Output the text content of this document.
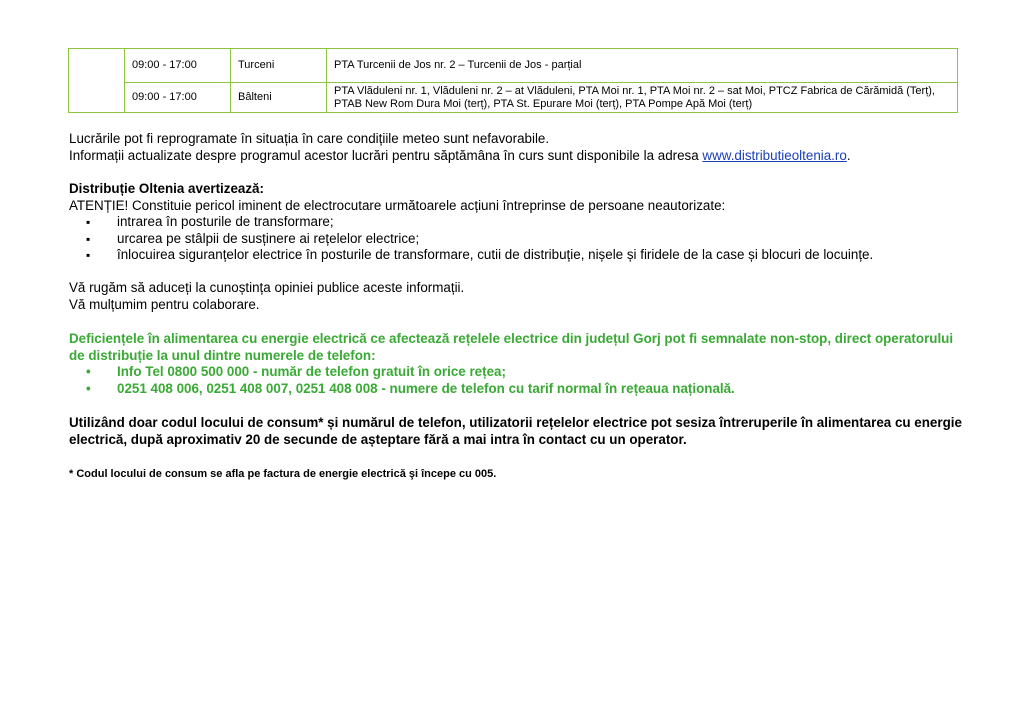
	09:00 - 17:00	Turceni	PTA Turcenii de Jos nr. 2 – Turcenii de Jos - parțial
	09:00 - 17:00	Bâlteni	PTA Vlăduleni nr. 1, Vlăduleni nr. 2 – at Vlăduleni, PTA Moi nr. 1, PTA Moi nr. 2 – sat Moi, PTCZ Fabrica de Cărămidă (Terț), PTAB New Rom Dura Moi (terț), PTA St. Epurare Moi (terț), PTA Pompe Apă Moi (terț)
Lucrările pot fi reprogramate în situația în care condițiile meteo sunt nefavorabile.
Informații actualizate despre programul acestor lucrări pentru săptămâna în curs sunt disponibile la adresa www.distributieoltenia.ro.
Distribuție Oltenia avertizează:
ATENȚIE! Constituie pericol iminent de electrocutare următoarele acțiuni întreprinse de persoane neautorizate:
▪ intrarea în posturile de transformare;
▪ urcarea pe stâlpii de susținere ai rețelelor electrice;
▪ înlocuirea siguranțelor electrice în posturile de transformare, cutii de distribuție, nișele și firidele de la case și blocuri de locuințe.
Vă rugăm să aduceți la cunoștința opiniei publice aceste informații.
Vă mulțumim pentru colaborare.
Deficiențele în alimentarea cu energie electrică ce afectează rețelele electrice din județul Gorj pot fi semnalate non-stop, direct operatorului de distribuție la unul dintre numerele de telefon:
• Info Tel 0800 500 000 - număr de telefon gratuit în orice rețea;
• 0251 408 006, 0251 408 007, 0251 408 008 - numere de telefon cu tarif normal în rețeaua națională.
Utilizând doar codul locului de consum* și numărul de telefon, utilizatorii rețelelor electrice pot sesiza întreruperile în alimentarea cu energie electrică, după aproximativ 20 de secunde de așteptare fără a mai intra în contact cu un operator.
* Codul locului de consum se afla pe factura de energie electrică şi începe cu 005.
